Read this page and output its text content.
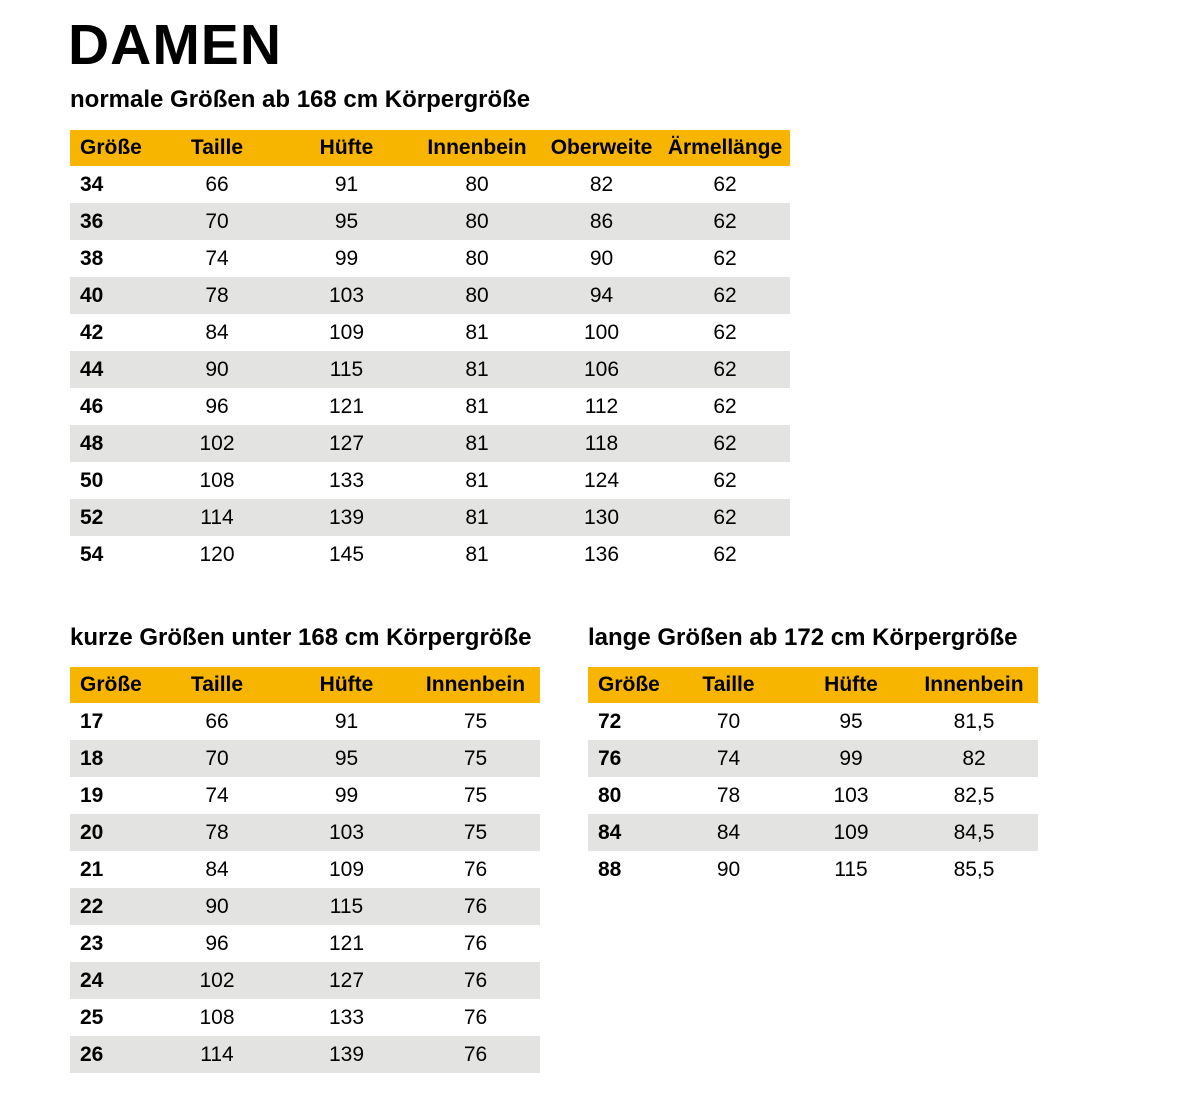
DAMEN
normale Größen ab 168 cm Körpergröße
Größe	Taille	Hüfte	Innenbein	Oberweite	Ärmellänge
34	66	91	80	82	62
36	70	95	80	86	62
38	74	99	80	90	62
40	78	103	80	94	62
42	84	109	81	100	62
44	90	115	81	106	62
46	96	121	81	112	62
48	102	127	81	118	62
50	108	133	81	124	62
52	114	139	81	130	62
54	120	145	81	136	62
kurze Größen unter 168 cm Körpergröße
Größe	Taille	Hüfte	Innenbein
17	66	91	75
18	70	95	75
19	74	99	75
20	78	103	75
21	84	109	76
22	90	115	76
23	96	121	76
24	102	127	76
25	108	133	76
26	114	139	76
lange Größen ab 172 cm Körpergröße
Größe	Taille	Hüfte	Innenbein
72	70	95	81,5
76	74	99	82
80	78	103	82,5
84	84	109	84,5
88	90	115	85,5
